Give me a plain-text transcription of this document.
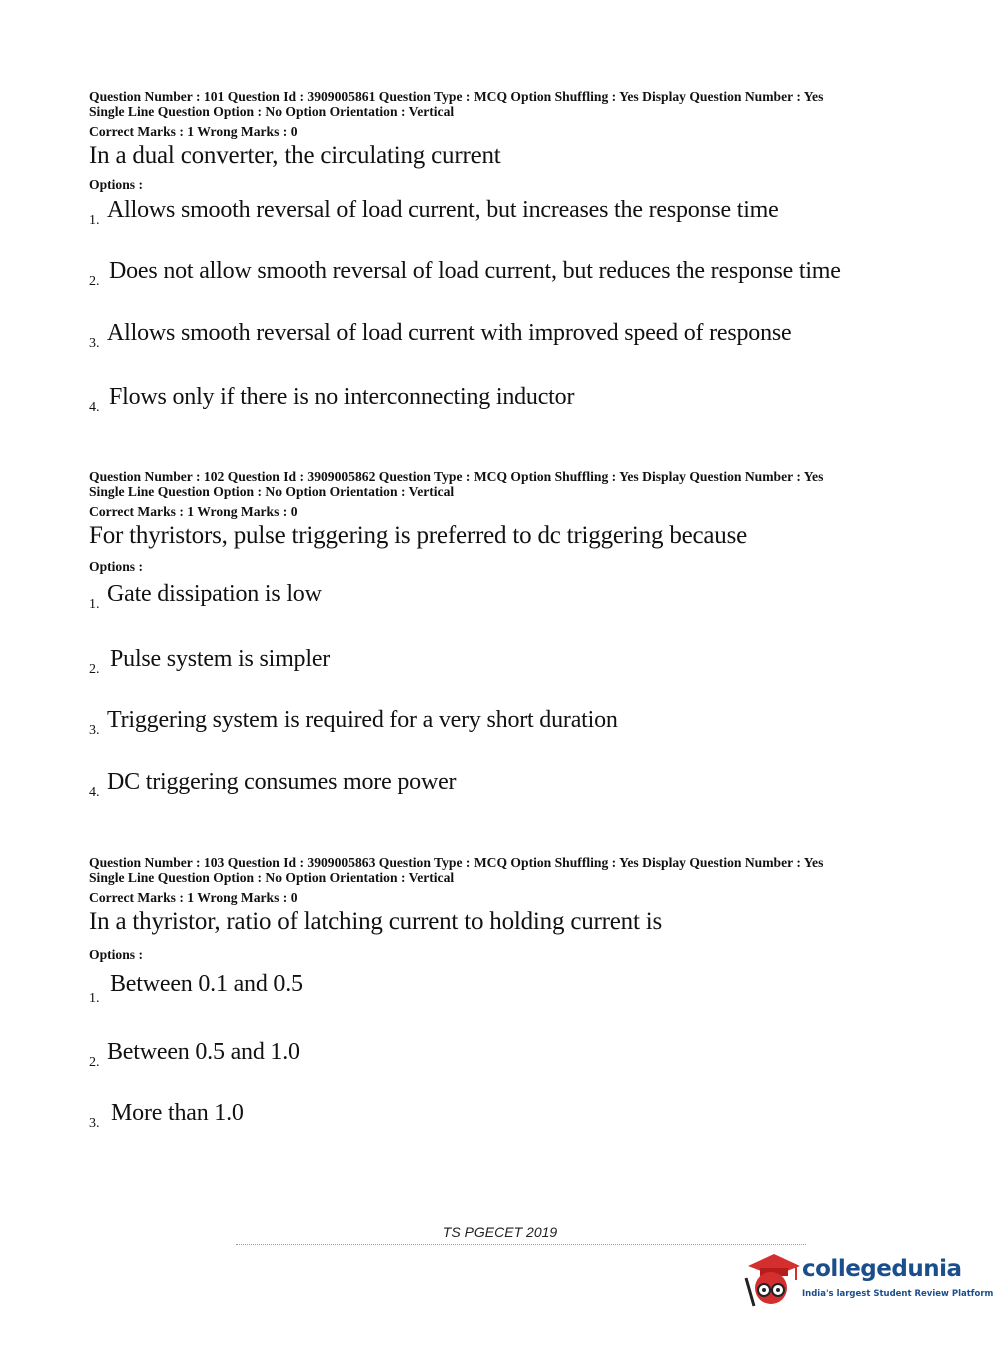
Question Number : 101 Question Id : 3909005861 Question Type : MCQ Option Shuffling : Yes Display Question Number : Yes
Single Line Question Option : No Option Orientation : Vertical
Correct Marks : 1 Wrong Marks : 0
In a dual converter, the circulating current
Options :
1. Allows smooth reversal of load current, but increases the response time
2. Does not allow smooth reversal of load current, but reduces the response time
3. Allows smooth reversal of load current with improved speed of response
4. Flows only if there is no interconnecting inductor
Question Number : 102 Question Id : 3909005862 Question Type : MCQ Option Shuffling : Yes Display Question Number : Yes
Single Line Question Option : No Option Orientation : Vertical
Correct Marks : 1 Wrong Marks : 0
For thyristors, pulse triggering is preferred to dc triggering because
Options :
1. Gate dissipation is low
2. Pulse system is simpler
3. Triggering system is required for a very short duration
4. DC triggering consumes more power
Question Number : 103 Question Id : 3909005863 Question Type : MCQ Option Shuffling : Yes Display Question Number : Yes
Single Line Question Option : No Option Orientation : Vertical
Correct Marks : 1 Wrong Marks : 0
In a thyristor, ratio of latching current to holding current is
Options :
1.
Between 0.1 and 0.5
2. Between 0.5 and 1.0
3. More than 1.0
TS PGECET 2019
collegedunia
India's largest Student Review Platform
